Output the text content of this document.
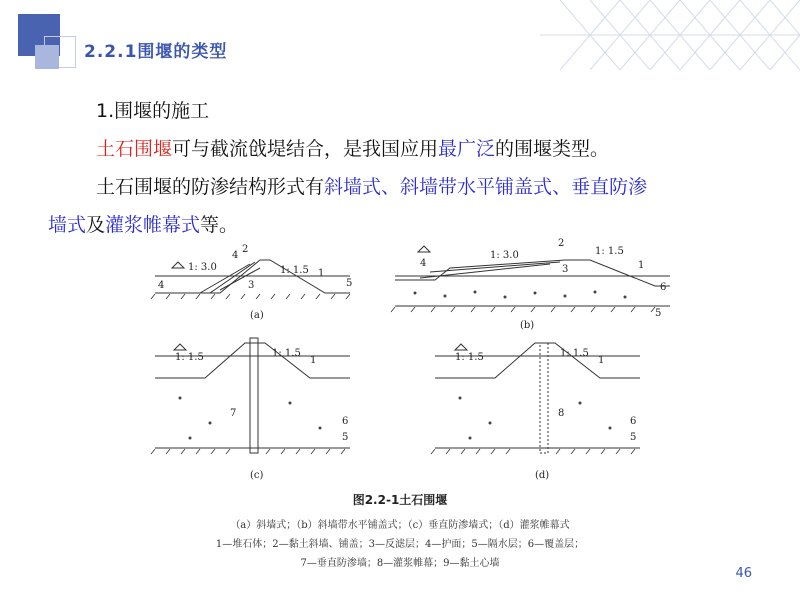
2.2.1围堰的类型

1.围堰的施工

土石围堰可与截流戗堤结合，是我国应用最广泛的围堰类型。

土石围堰的防渗结构形式有斜墙式、斜墙带水平铺盖式、垂直防渗

墙式及灌浆帷幕式等。

(a)
(b)
(c)	(d)
1: 3.0	1: 1.5
1: 3.0	1: 1.5
1: 1.5	1: 1.5	1: 1.5	1: 1.5
4
2
1
3
4	5
2
1
4
3
6
5
1
7
6
5
1
8
6
5
图2.2-1土石围堰
（a）斜墙式；（b）斜墙带水平铺盖式；（c）垂直防渗墙式；（d）灌浆帷幕式
1—堆石体；2—黏土斜墙、铺盖；3—反滤层；4—护面；5—隔水层；6—覆盖层；
7—垂直防渗墙；8—灌浆帷幕；9—黏土心墙
46
